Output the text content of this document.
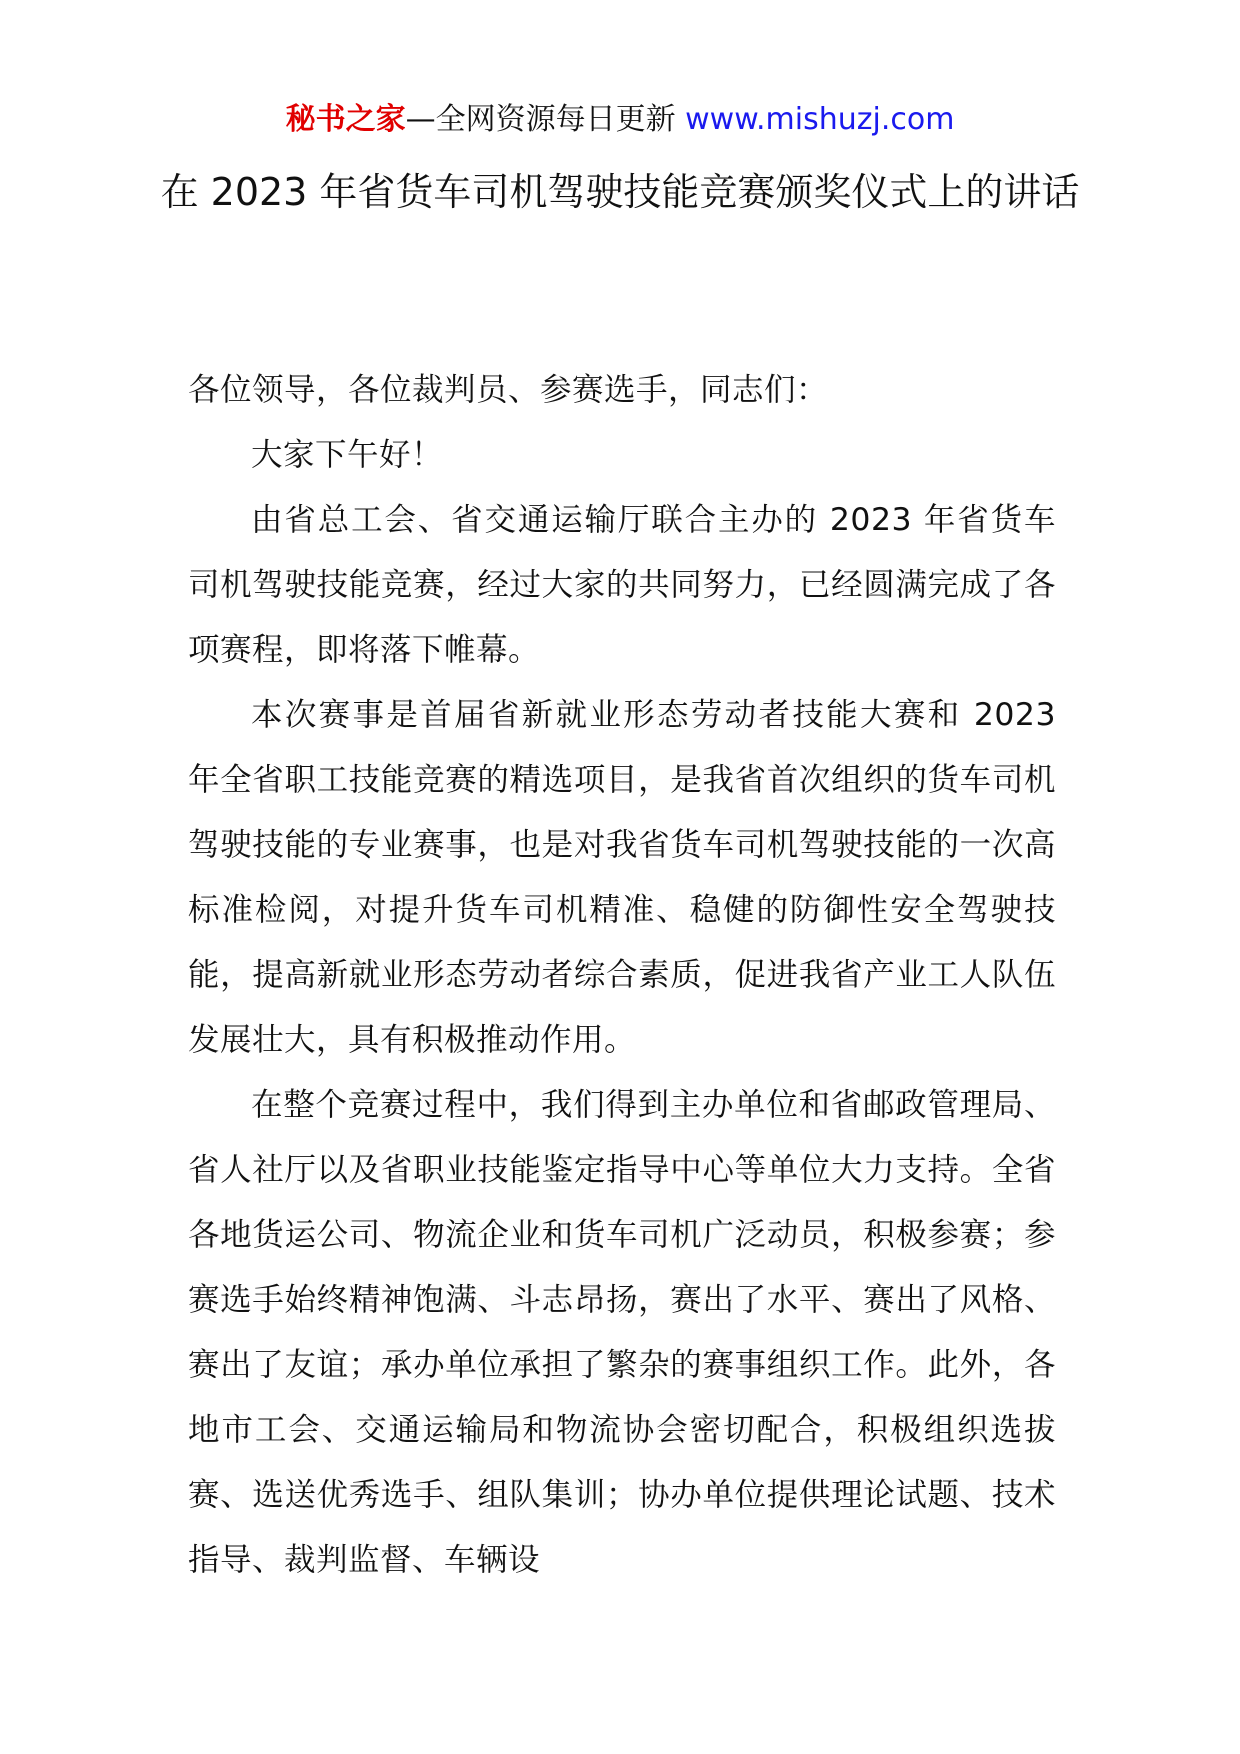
秘书之家—全网资源每日更新 www.mishuzj.com
在 2023 年省货车司机驾驶技能竞赛颁奖仪式上的讲话

各位领导，各位裁判员、参赛选手，同志们：

大家下午好！

由省总工会、省交通运输厅联合主办的 2023 年省货车司机驾驶技能竞赛，经过大家的共同努力，已经圆满完成了各项赛程，即将落下帷幕。

本次赛事是首届省新就业形态劳动者技能大赛和 2023 年全省职工技能竞赛的精选项目，是我省首次组织的货车司机驾驶技能的专业赛事，也是对我省货车司机驾驶技能的一次高标准检阅，对提升货车司机精准、稳健的防御性安全驾驶技能，提高新就业形态劳动者综合素质，促进我省产业工人队伍发展壮大，具有积极推动作用。

在整个竞赛过程中，我们得到主办单位和省邮政管理局、省人社厅以及省职业技能鉴定指导中心等单位大力支持。全省各地货运公司、物流企业和货车司机广泛动员，积极参赛；参赛选手始终精神饱满、斗志昂扬，赛出了水平、赛出了风格、赛出了友谊；承办单位承担了繁杂的赛事组织工作。此外，各地市工会、交通运输局和物流协会密切配合，积极组织选拔赛、选送优秀选手、组队集训；协办单位提供理论试题、技术指导、裁判监督、车辆设
